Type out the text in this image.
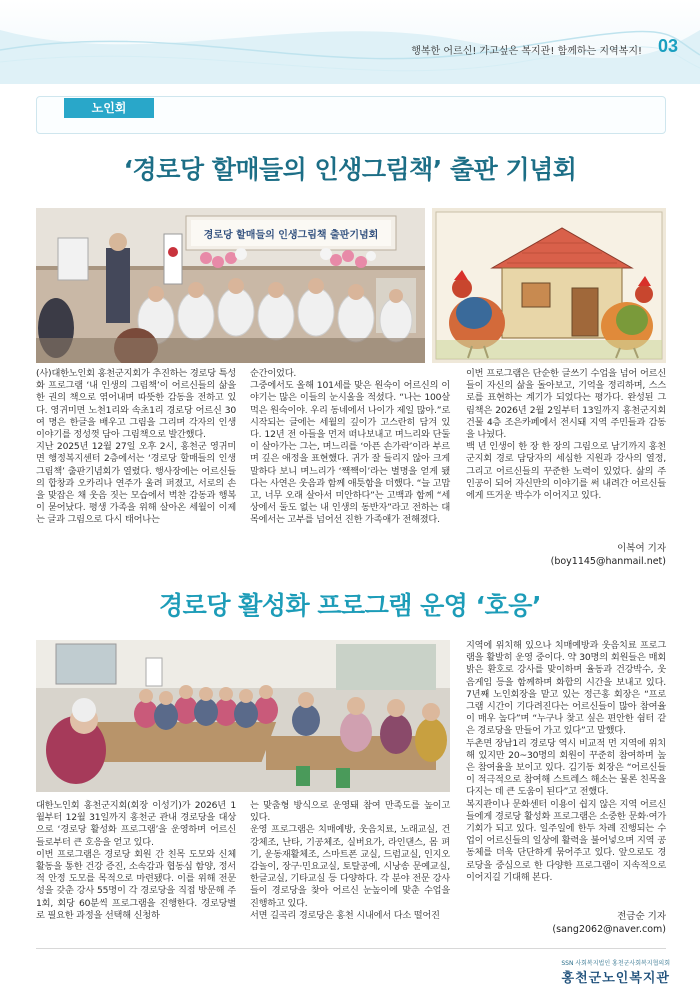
행복한 어르신! 가고싶은 복지관! 함께하는 지역복지! 03
노인회
‘경로당 할매들의 인생그림책’ 출판 기념회
경로당 할매들의 인생그림책 출판기념회

(사)대한노인회 홍천군지회가 추진하는 경로당 특성화 프로그램 ‘내 인생의 그림책’이 어르신들의 삶을 한 권의 책으로 엮어내며 따뜻한 감동을 전하고 있다. 영귀미면 노천1리와 속초1리 경로당 어르신 30여 명은 한글을 배우고 그림을 그리며 각자의 인생 이야기를 정성껏 담아 그림책으로 발간했다.
지난 2025년 12월 27일 오후 2시, 홍천군 영귀미면 행정복지센터 2층에서는 ‘경로당 할매들의 인생그림책’ 출판기념회가 열렸다. 행사장에는 어르신들의 합창과 오카리나 연주가 울려 퍼졌고, 서로의 손을 맞잡은 채 웃음 짓는 모습에서 벅찬 감동과 행복이 묻어났다. 평생 가족을 위해 살아온 세월이 이제는 글과 그림으로 다시 태어나는

순간이었다.
그중에서도 올해 101세를 맞은 원숙이 어르신의 이야기는 많은 이들의 눈시울을 적셨다. “나는 100살 먹은 원숙이야. 우리 동네에서 나이가 제일 많아.”로 시작되는 글에는 세월의 깊이가 고스란히 담겨 있다. 12년 전 아들을 먼저 떠나보내고 며느리와 단둘이 살아가는 그는, 며느리를 ‘아픈 손가락’이라 부르며 깊은 애정을 표현했다. 귀가 잘 들리지 않아 크게 말하다 보니 며느리가 ‘짹짹이’라는 별명을 얻게 됐다는 사연은 웃음과 함께 애틋함을 더했다. “늘 고맙고, 너무 오래 살아서 미안하다”는 고백과 함께 “세상에서 둘도 없는 내 인생의 동반자”라고 전하는 대목에서는 고부를 넘어선 진한 가족애가 전해졌다.

이번 프로그램은 단순한 글쓰기 수업을 넘어 어르신들이 자신의 삶을 돌아보고, 기억을 정리하며, 스스로를 표현하는 계기가 되었다는 평가다. 완성된 그림책은 2026년 2월 2일부터 13일까지 홍천군지회 건물 4층 조은카페에서 전시돼 지역 주민들과 감동을 나눴다.
백 년 인생이 한 장 한 장의 그림으로 남기까지 홍천군지회 경로 담당자의 세심한 지원과 강사의 열정, 그리고 어르신들의 꾸준한 노력이 있었다. 삶의 주인공이 되어 자신만의 이야기를 써 내려간 어르신들에게 뜨거운 박수가 이어지고 있다.

이복여 기자
(boy1145@hanmail.net)
경로당 활성화 프로그램 운영 ‘호응’

대한노인회 홍천군지회(회장 이성기)가 2026년 1월부터 12월 31일까지 홍천군 관내 경로당을 대상으로 ‘경로당 활성화 프로그램’을 운영하며 어르신들로부터 큰 호응을 얻고 있다.
이번 프로그램은 경로당 회원 간 친목 도모와 신체 활동을 통한 건강 증진, 소속감과 협동심 함양, 정서적 안정 도모를 목적으로 마련됐다. 이를 위해 전문성을 갖춘 강사 55명이 각 경로당을 직접 방문해 주 1회, 회당 60분씩 프로그램을 진행한다. 경로당별로 필요한 과정을 선택해 신청하

는 맞춤형 방식으로 운영돼 참여 만족도를 높이고 있다.
운영 프로그램은 치매예방, 웃음치료, 노래교실, 건강체조, 난타, 기공체조, 실버요가, 라인댄스, 몸 펴기, 운동재활체조, 스마트폰 교실, 드럼교실, 인지오감놀이, 장구·민요교실, 토탈공예, 시낭송 문예교실, 한글교실, 기타교실 등 다양하다. 각 분야 전문 강사들이 경로당을 찾아 어르신 눈높이에 맞춘 수업을 진행하고 있다.
서면 길곡리 경로당은 홍천 시내에서 다소 떨어진

지역에 위치해 있으나 치매예방과 웃음치료 프로그램을 활발히 운영 중이다. 약 30명의 회원들은 매회 밝은 환호로 강사를 맞이하며 율동과 건강박수, 웃음게임 등을 함께하며 화합의 시간을 보내고 있다. 7년째 노인회장을 맡고 있는 정근홍 회장은 “프로그램 시간이 기다려진다는 어르신들이 많아 참여율이 매우 높다”며 “누구나 찾고 싶은 편안한 쉼터 같은 경로당을 만들어 가고 있다”고 말했다.
두촌면 장남1리 경로당 역시 비교적 먼 지역에 위치해 있지만 20~30명의 회원이 꾸준히 참여하며 높은 참여율을 보이고 있다. 김기동 회장은 “어르신들이 적극적으로 참여해 스트레스 해소는 물론 친목을 다지는 데 큰 도움이 된다”고 전했다.
복지관이나 문화센터 이용이 쉽지 않은 지역 어르신들에게 경로당 활성화 프로그램은 소중한 문화·여가 기회가 되고 있다. 일주일에 한두 차례 진행되는 수업이 어르신들의 일상에 활력을 불어넣으며 지역 공동체를 더욱 단단하게 묶어주고 있다. 앞으로도 경로당을 중심으로 한 다양한 프로그램이 지속적으로 이어지길 기대해 본다.

전금순 기자
(sang2062@naver.com)
SSN 사회복지법인 홍천군사회복지협의회
홍천군노인복지관
